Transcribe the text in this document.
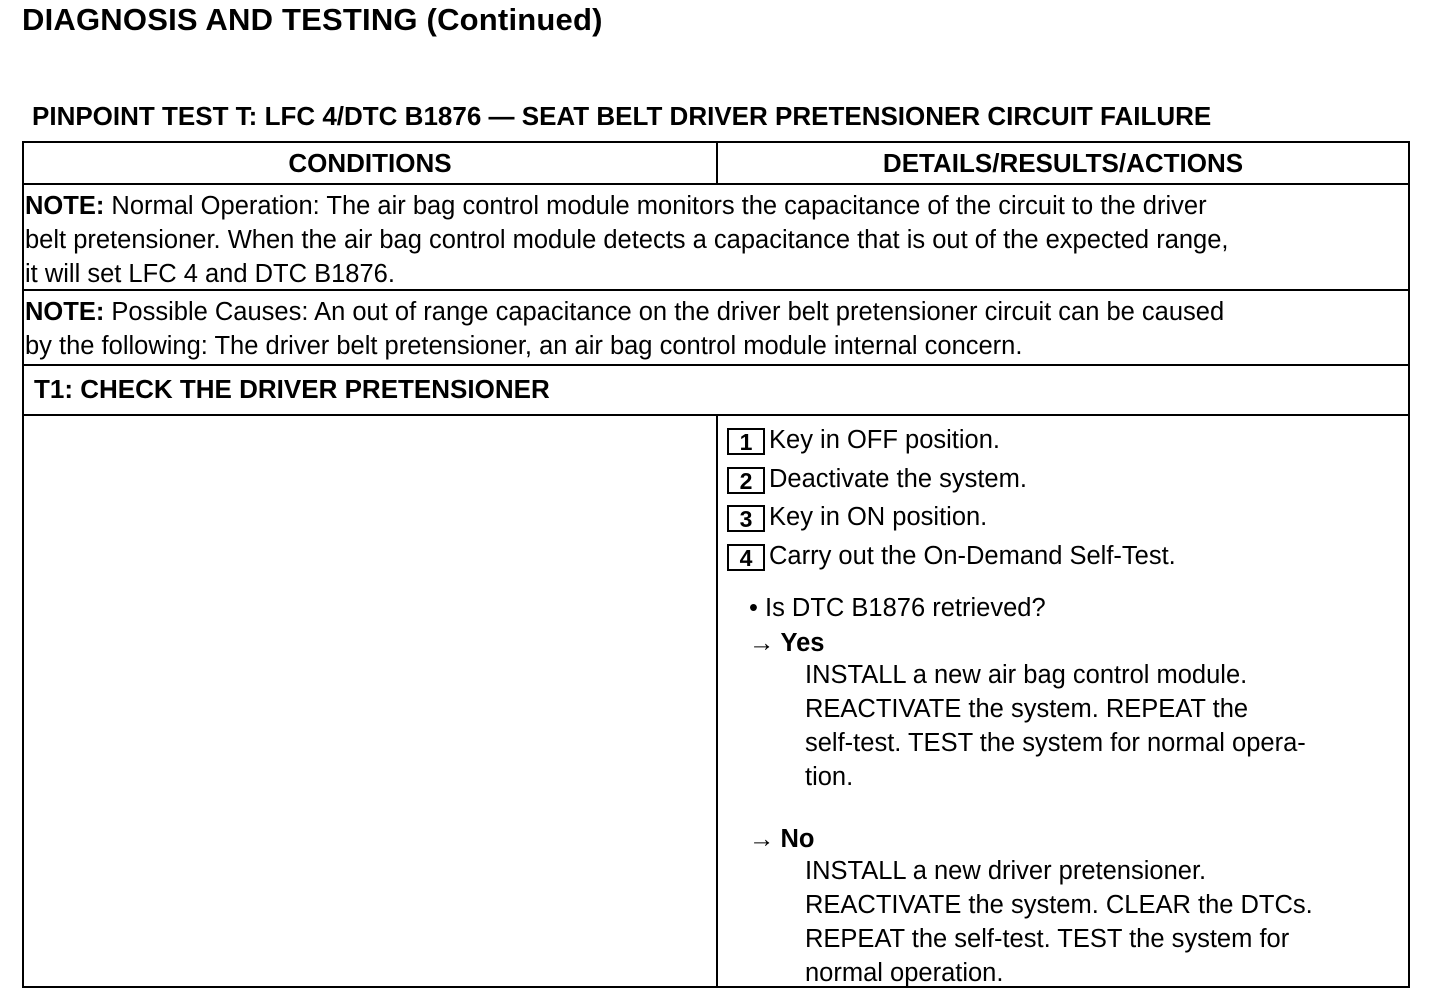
DIAGNOSIS AND TESTING (Continued)
PINPOINT TEST T: LFC 4/DTC B1876 — SEAT BELT DRIVER PRETENSIONER CIRCUIT FAILURE
CONDITIONS	DETAILS/RESULTS/ACTIONS
NOTE: Normal Operation: The air bag control module monitors the capacitance of the circuit to the driver
belt pretensioner. When the air bag control module detects a capacitance that is out of the expected range,
it will set LFC 4 and DTC B1876.
NOTE: Possible Causes: An out of range capacitance on the driver belt pretensioner circuit can be caused
by the following: The driver belt pretensioner, an air bag control module internal concern.
T1: CHECK THE DRIVER PRETENSIONER
1 Key in OFF position.
2 Deactivate the system.
3 Key in ON position.
4 Carry out the On-Demand Self-Test.
• Is DTC B1876 retrieved?
→ Yes
INSTALL a new air bag control module.
REACTIVATE the system. REPEAT the
self-test. TEST the system for normal opera-
tion.
→ No
INSTALL a new driver pretensioner.
REACTIVATE the system. CLEAR the DTCs.
REPEAT the self-test. TEST the system for
normal operation.
